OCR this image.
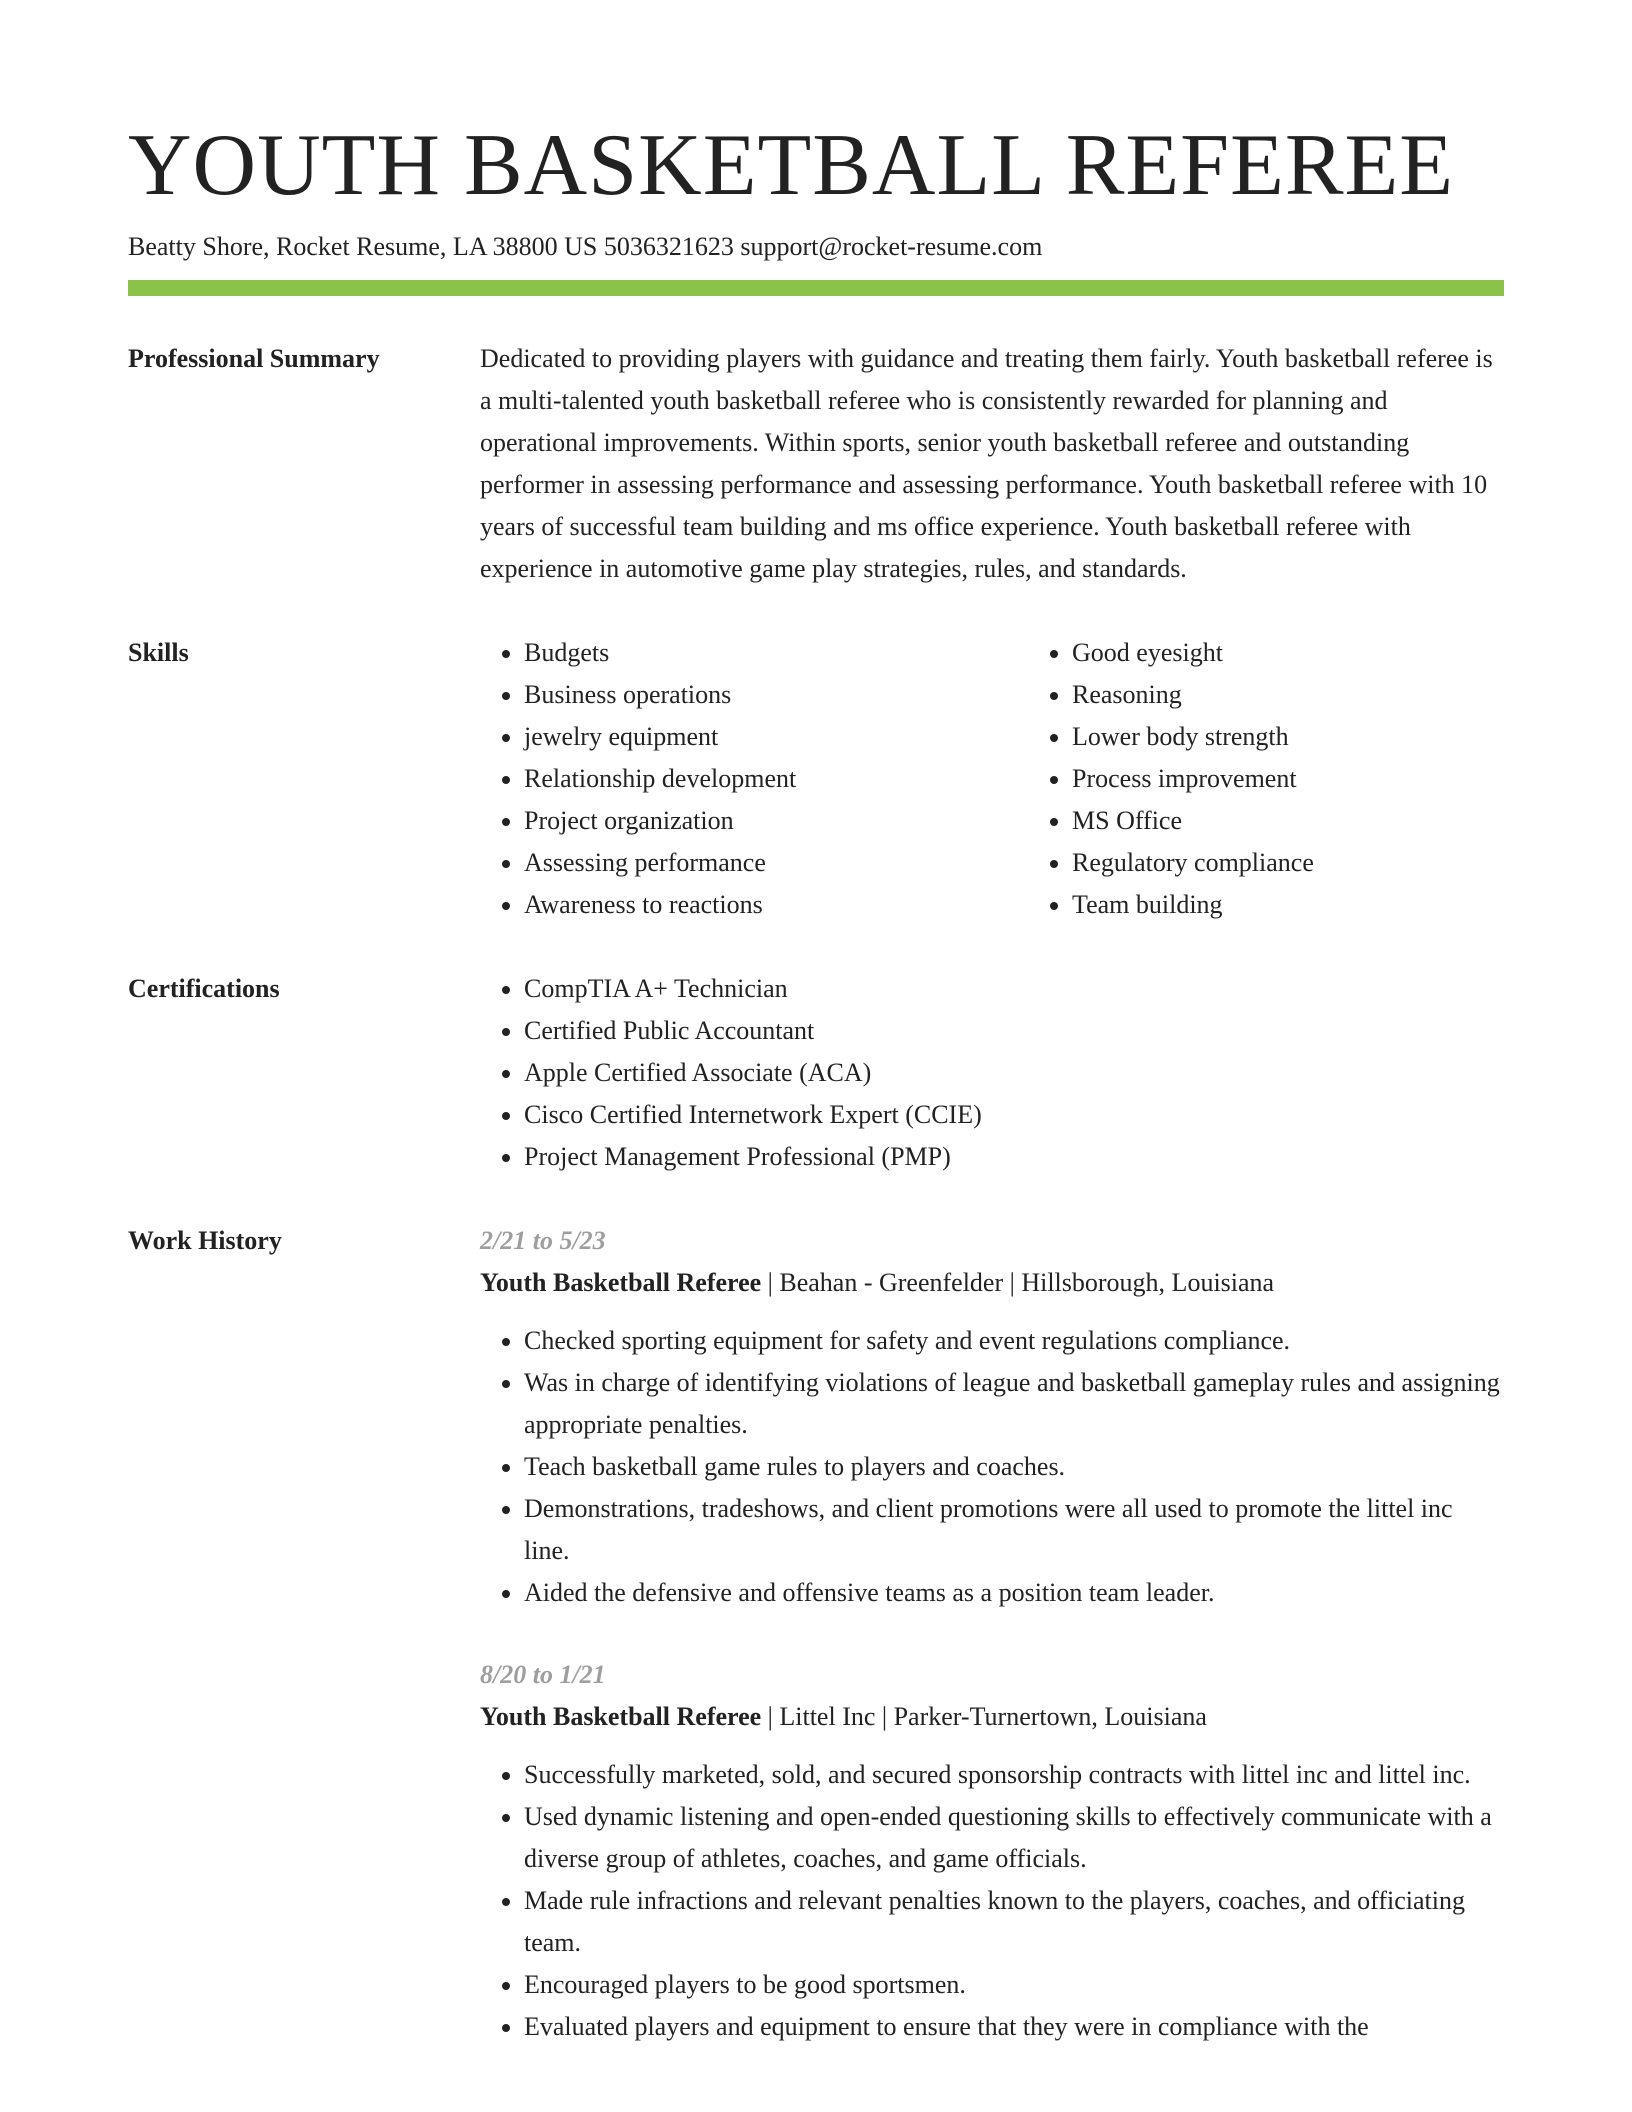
YOUTH BASKETBALL REFEREE
Beatty Shore, Rocket Resume, LA 38800 US 5036321623 support@rocket-resume.com
Professional Summary	Dedicated to providing players with guidance and treating them fairly. Youth basketball referee is a multi-talented youth basketball referee who is consistently rewarded for planning and operational improvements. Within sports, senior youth basketball referee and outstanding performer in assessing performance and assessing performance. Youth basketball referee with 10 years of successful team building and ms office experience. Youth basketball referee with experience in automotive game play strategies, rules, and standards.

Skills	• Budgets
• Business operations
• jewelry equipment
• Relationship development
• Project organization
• Assessing performance
• Awareness to reactions
• Good eyesight
• Reasoning
• Lower body strength
• Process improvement
• MS Office
• Regulatory compliance
• Team building
Certifications	• CompTIA A+ Technician
• Certified Public Accountant
• Apple Certified Associate (ACA)
• Cisco Certified Internetwork Expert (CCIE)
• Project Management Professional (PMP)
Work History	2/21 to 5/23
Youth Basketball Referee | Beahan - Greenfelder | Hillsborough, Louisiana
• Checked sporting equipment for safety and event regulations compliance.
• Was in charge of identifying violations of league and basketball gameplay rules and assigning appropriate penalties.
• Teach basketball game rules to players and coaches.
• Demonstrations, tradeshows, and client promotions were all used to promote the littel inc line.
• Aided the defensive and offensive teams as a position team leader.
8/20 to 1/21
Youth Basketball Referee | Littel Inc | Parker-Turnertown, Louisiana
• Successfully marketed, sold, and secured sponsorship contracts with littel inc and littel inc.
• Used dynamic listening and open-ended questioning skills to effectively communicate with a diverse group of athletes, coaches, and game officials.
• Made rule infractions and relevant penalties known to the players, coaches, and officiating team.
• Encouraged players to be good sportsmen.
• Evaluated players and equipment to ensure that they were in compliance with the
